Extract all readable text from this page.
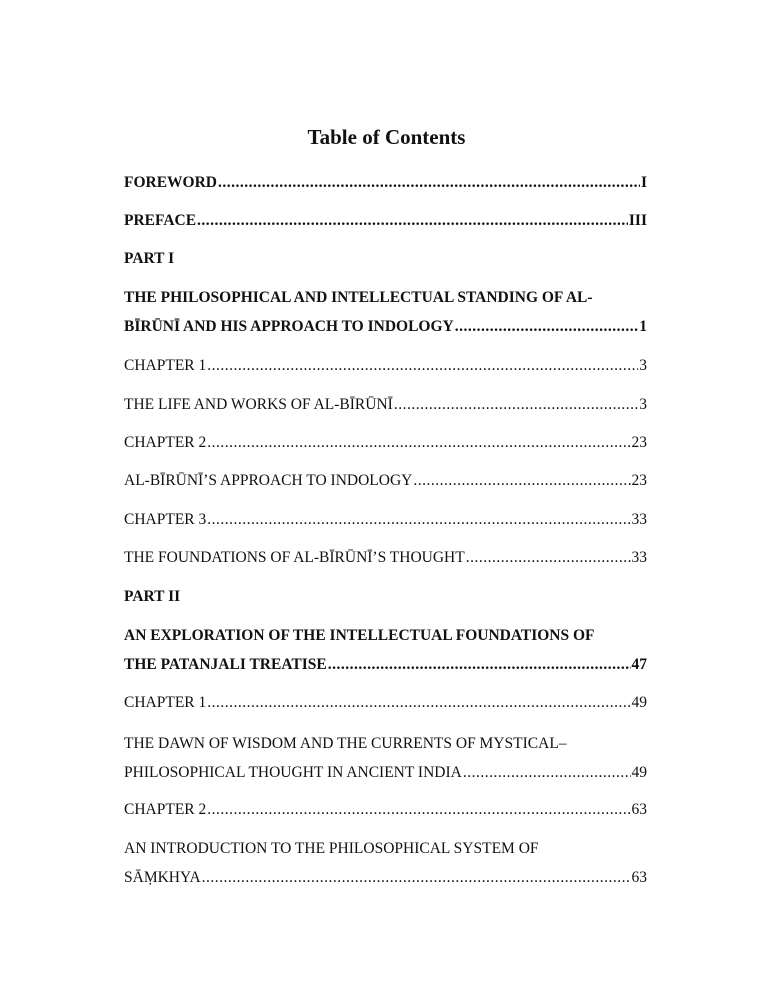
Table of Contents
FOREWORD .....	I
PREFACE .....	III
PART I
THE PHILOSOPHICAL AND INTELLECTUAL STANDING OF AL-
BĪRŪNĪ AND HIS APPROACH TO INDOLOGY .....	1
CHAPTER 1 .....	3
THE LIFE AND WORKS OF AL-BĪRŪNĪ .....	3
CHAPTER 2 .....	23
AL-BĪRŪNĪ’S APPROACH TO INDOLOGY .....	23
CHAPTER 3 .....	33
THE FOUNDATIONS OF AL-BĪRŪNĪ’S THOUGHT .....	33
PART II
AN EXPLORATION OF THE INTELLECTUAL FOUNDATIONS OF
THE PATANJALI TREATISE .....	47
CHAPTER 1 .....	49
THE DAWN OF WISDOM AND THE CURRENTS OF MYSTICAL–
PHILOSOPHICAL THOUGHT IN ANCIENT INDIA .....	49
CHAPTER 2 .....	63
AN INTRODUCTION TO THE PHILOSOPHICAL SYSTEM OF
SĀṂKHYA .....	63
